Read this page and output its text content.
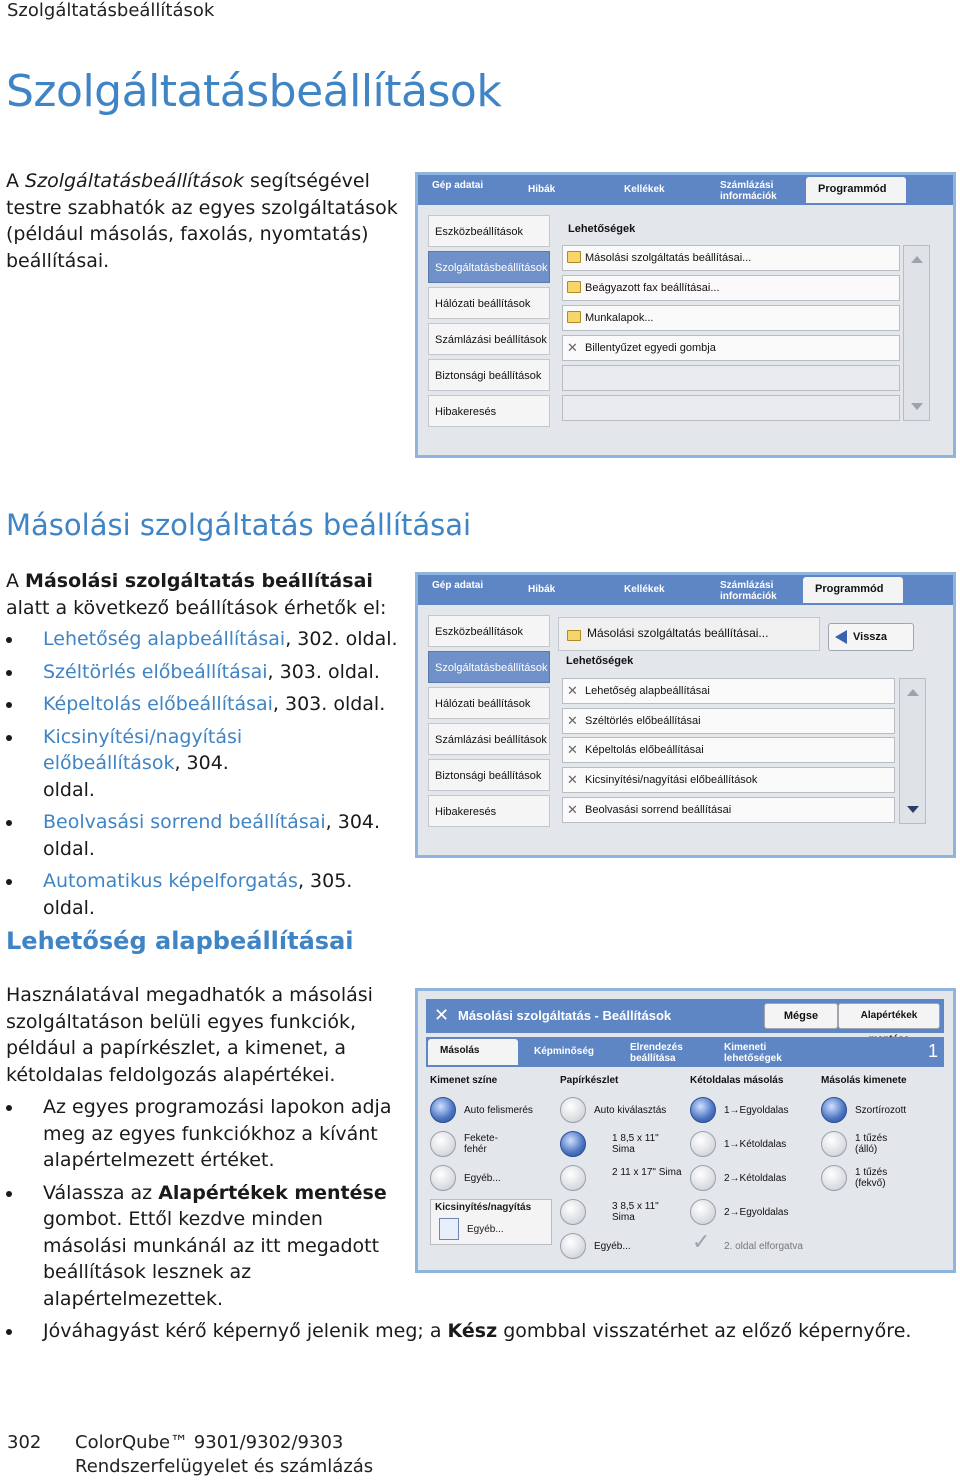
Szolgáltatásbeállítások
Szolgáltatásbeállítások
A Szolgáltatásbeállítások segítségével testre szabhatók az egyes szolgáltatások (például másolás, faxolás, nyomtatás) beállításai.
Gép adatai	Hibák	Kellékek	Számlázási információk
Programmód
Eszközbeállítások
Szolgáltatásbeállítások
Hálózati beállítások
Számlázási beállítások
Biztonsági beállítások
Hibakeresés
Lehetőségek
Másolási szolgáltatás beállításai...
Beágyazott fax beállításai...
Munkalapok...
✕ Billentyűzet egyedi gombja
Másolási szolgáltatás beállításai
A Másolási szolgáltatás beállításai alatt a következő beállítások érhetők el:
Lehetőség alapbeállításai, 302. oldal.
Széltörlés előbeállításai, 303. oldal.
Képeltolás előbeállításai, 303. oldal.
Kicsinyítési/nagyítási előbeállítások, 304. oldal.
Beolvasási sorrend beállításai, 304. oldal.
Automatikus képelforgatás, 305. oldal.
Gép adatai	Hibák	Kellékek	Számlázási információk
Programmód
Eszközbeállítások
Szolgáltatásbeállítások
Hálózati beállítások
Számlázási beállítások
Biztonsági beállítások
Hibakeresés
Másolási szolgáltatás beállításai...	Vissza
Lehetőségek
✕ Lehetőség alapbeállításai
✕ Széltörlés előbeállításai
✕ Képeltolás előbeállításai
✕ Kicsinyítési/nagyítási előbeállítások
✕ Beolvasási sorrend beállításai
Lehetőség alapbeállításai
Használatával megadhatók a másolási szolgáltatáson belüli egyes funkciók, például a papírkészlet, a kimenet, a kétoldalas feldolgozás alapértékei.
Az egyes programozási lapokon adja meg az egyes funkciókhoz a kívánt alapértelmezett értéket.
Válassza az Alapértékek mentése gombot. Ettől kezdve minden másolási munkánál az itt megadott beállítások lesznek az alapértelmezettek.
Jóváhagyást kérő képernyő jelenik meg; a Kész gombbal visszatérhet az előző képernyőre.
✕ Másolási szolgáltatás - Beállítások	Mégse	Alapértékek
Másolás	Képminőség	Elrendezés beállítása
Kimeneti lehetőségek	1
Kimenet színe	Papírkészlet	Kétoldalas másolás	Másolás kimenete
Auto felismerés
Fekete-fehér
Egyéb...
Kicsinyítés/nagyítás
Egyéb...
Auto kiválasztás
1 8,5 x 11" Sima
2 11 x 17" Sima
3 8,5 x 11" Sima
Egyéb...
1→Egyoldalas
1→Kétoldalas
2→Kétoldalas
2→Egyoldalas
✓ 2. oldal elforgatva
Szortírozott
1 tűzés (álló)
1 tűzés (fekvő)
302 ColorQube™ 9301/9302/9303
Rendszerfelügyelet és számlázás
